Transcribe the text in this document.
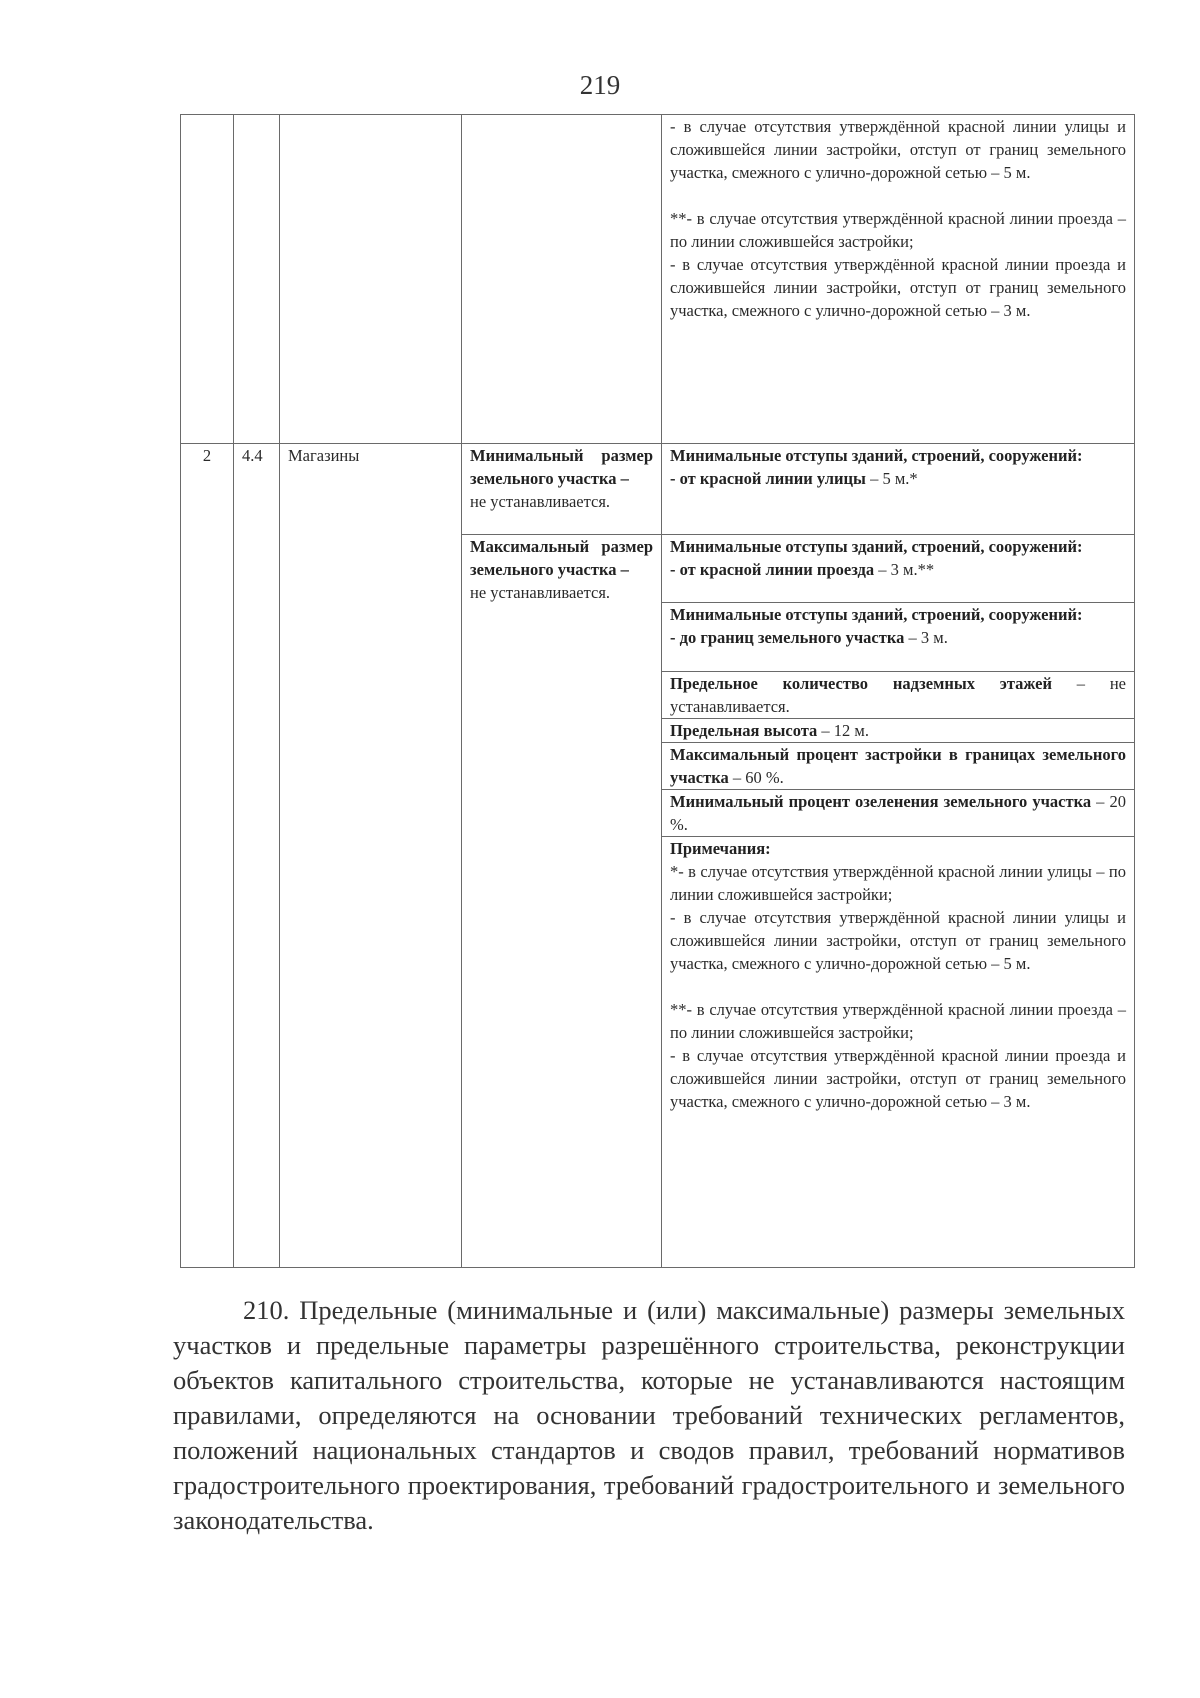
219

				- в случае отсутствия утверждённой красной линии улицы и сложившейся линии застройки, отступ от границ земельного участка, смежного с улично-дорожной сетью – 5 м.

**- в случае отсутствия утверждённой красной линии проезда – по линии сложившейся застройки;

- в случае отсутствия утверждённой красной линии проезда и сложившейся линии застройки, отступ от границ земельного участка, смежного с улично-дорожной сетью – 3 м.

2	4.4	Магазины	Минимальный размер земельного участка –
не устанавливается.	Минимальные отступы зданий, строений, сооружений:
- от красной линии улицы – 5 м.*
			Максимальный размер земельного участка –
не устанавливается.	Минимальные отступы зданий, строений, сооружений:
- от красной линии проезда – 3 м.**
				Минимальные отступы зданий, строений, сооружений:
- до границ земельного участка – 3 м.
				Предельное количество надземных этажей – не устанавливается.
				Предельная высота – 12 м.
				Максимальный процент застройки в границах земельного участка – 60 %.
				Минимальный процент озеленения земельного участка – 20 %.
				Примечания:

*- в случае отсутствия утверждённой красной линии улицы – по линии сложившейся застройки;

- в случае отсутствия утверждённой красной линии улицы и сложившейся линии застройки, отступ от границ земельного участка, смежного с улично-дорожной сетью – 5 м.

**- в случае отсутствия утверждённой красной линии проезда – по линии сложившейся застройки;

- в случае отсутствия утверждённой красной линии проезда и сложившейся линии застройки, отступ от границ земельного участка, смежного с улично-дорожной сетью – 3 м.

210. Предельные (минимальные и (или) максимальные) размеры земельных участков и предельные параметры разрешённого строительства, реконструкции объектов капитального строительства, которые не устанавливаются настоящим правилами, определяются на основании требований технических регламентов, положений национальных стандартов и сводов правил, требований нормативов градостроительного проектирования, требований градостроительного и земельного законодательства.
